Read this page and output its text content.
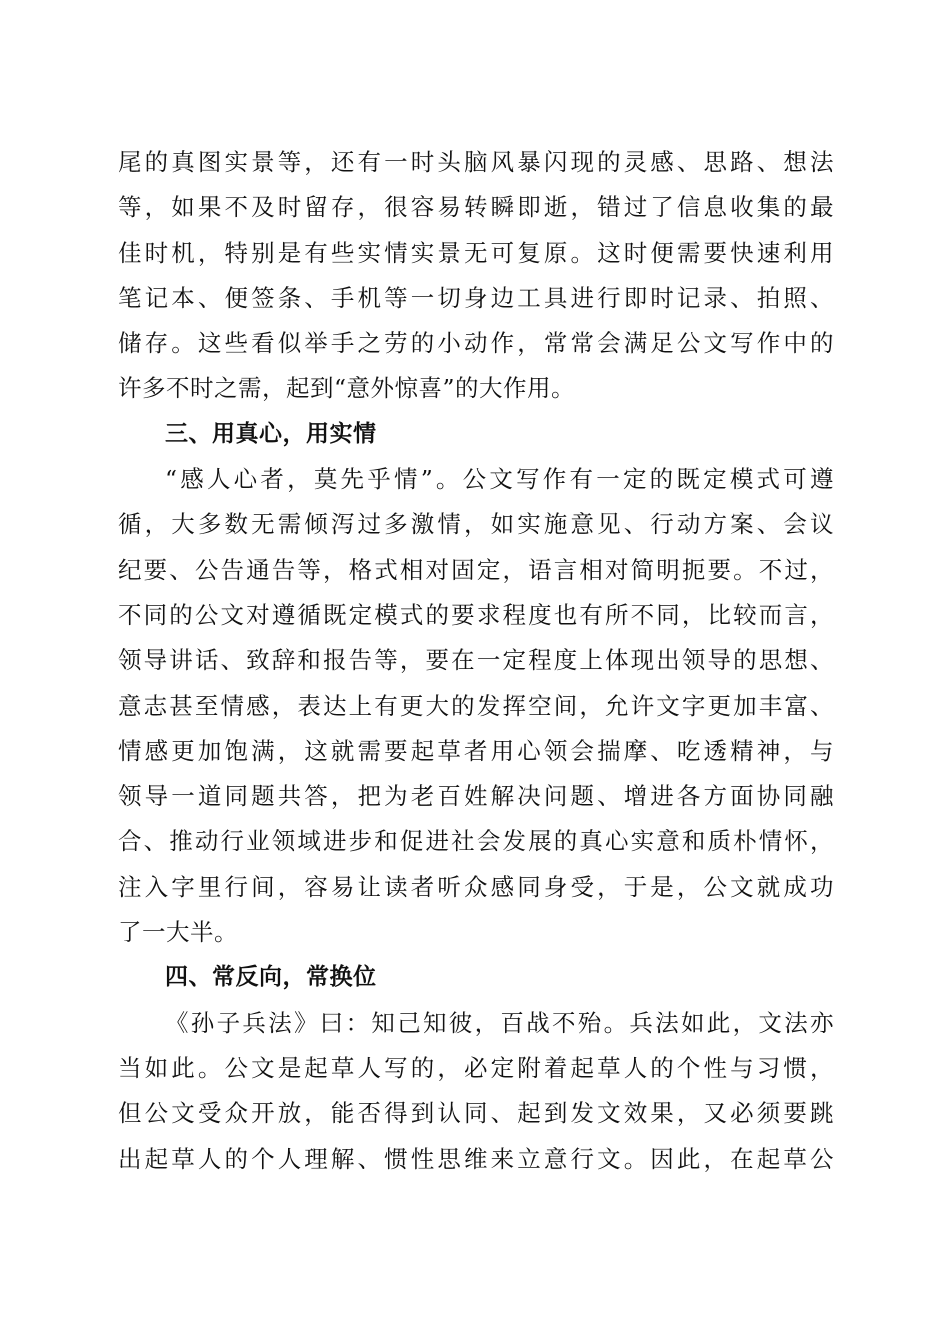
尾的真图实景等，还有一时头脑风暴闪现的灵感、思路、想法
等，如果不及时留存，很容易转瞬即逝，错过了信息收集的最
佳时机，特别是有些实情实景无可复原。这时便需要快速利用
笔记本、便签条、手机等一切身边工具进行即时记录、拍照、
储存。这些看似举手之劳的小动作，常常会满足公文写作中的
许多不时之需，起到“意外惊喜”的大作用。
三、用真心，用实情
“感人心者，莫先乎情”。公文写作有一定的既定模式可遵
循，大多数无需倾泻过多激情，如实施意见、行动方案、会议
纪要、公告通告等，格式相对固定，语言相对简明扼要。不过，
不同的公文对遵循既定模式的要求程度也有所不同，比较而言，
领导讲话、致辞和报告等，要在一定程度上体现出领导的思想、
意志甚至情感，表达上有更大的发挥空间，允许文字更加丰富、
情感更加饱满，这就需要起草者用心领会揣摩、吃透精神，与
领导一道同题共答，把为老百姓解决问题、增进各方面协同融
合、推动行业领域进步和促进社会发展的真心实意和质朴情怀，
注入字里行间，容易让读者听众感同身受，于是，公文就成功
了一大半。
四、常反向，常换位
《孙子兵法》曰：知己知彼，百战不殆。兵法如此，文法亦
当如此。公文是起草人写的，必定附着起草人的个性与习惯，
但公文受众开放，能否得到认同、起到发文效果，又必须要跳
出起草人的个人理解、惯性思维来立意行文。因此，在起草公
